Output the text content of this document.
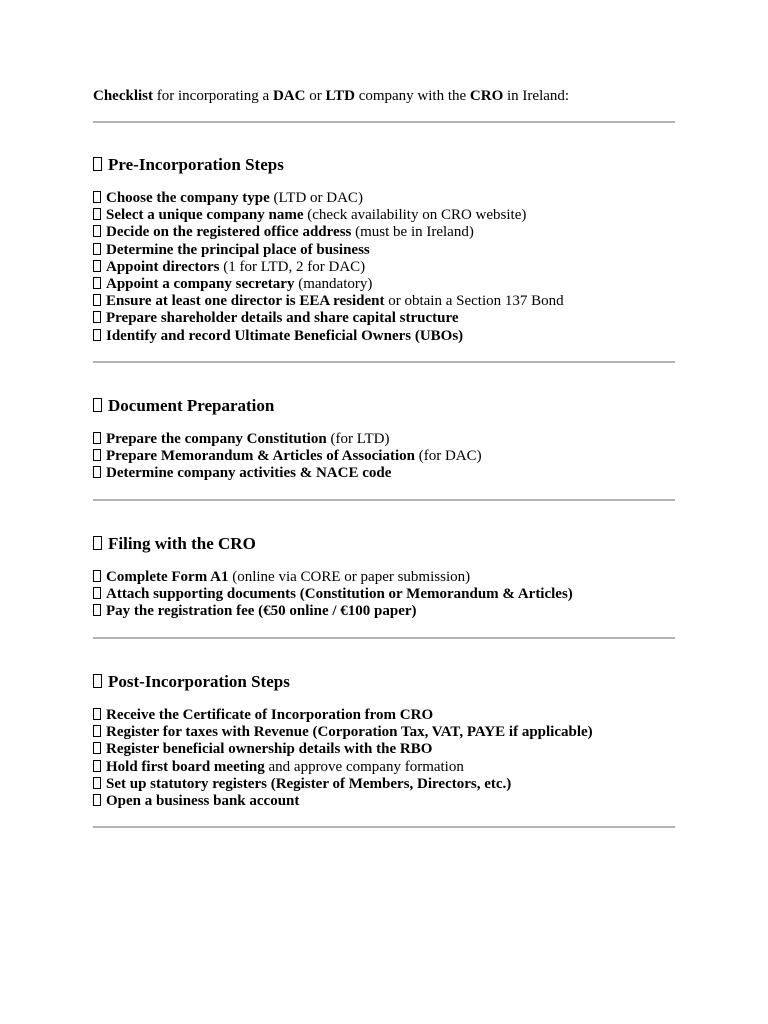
Checklist for incorporating a DAC or LTD company with the CRO in Ireland:
Pre-Incorporation Steps
Choose the company type (LTD or DAC)
Select a unique company name (check availability on CRO website)
Decide on the registered office address (must be in Ireland)
Determine the principal place of business
Appoint directors (1 for LTD, 2 for DAC)
Appoint a company secretary (mandatory)
Ensure at least one director is EEA resident or obtain a Section 137 Bond
Prepare shareholder details and share capital structure
Identify and record Ultimate Beneficial Owners (UBOs)
Document Preparation
Prepare the company Constitution (for LTD)
Prepare Memorandum & Articles of Association (for DAC)
Determine company activities & NACE code
Filing with the CRO
Complete Form A1 (online via CORE or paper submission)
Attach supporting documents (Constitution or Memorandum & Articles)
Pay the registration fee (€50 online / €100 paper)
Post-Incorporation Steps
Receive the Certificate of Incorporation from CRO
Register for taxes with Revenue (Corporation Tax, VAT, PAYE if applicable)
Register beneficial ownership details with the RBO
Hold first board meeting and approve company formation
Set up statutory registers (Register of Members, Directors, etc.)
Open a business bank account
